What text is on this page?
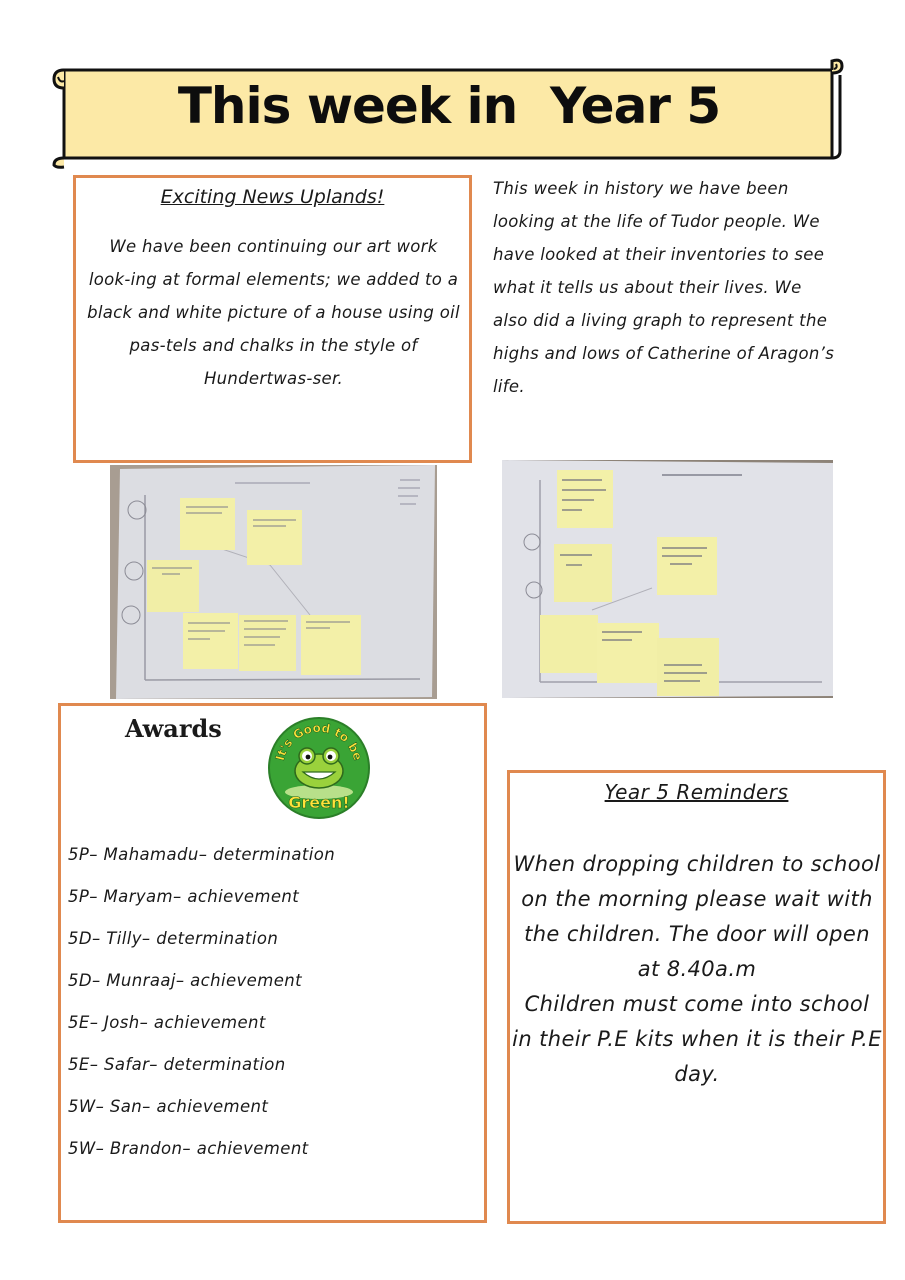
This week in  Year 5
Exciting News Uplands!
We have been continuing our art work look-ing at formal elements; we added to a black and white picture of a house using oil pas-tels and chalks in the style of Hundertwas-ser.
This week in history we have been looking at the life of Tudor people. We have looked at their inventories to see what it tells us about their lives. We also did a living graph to represent the highs and lows of Catherine of Aragon’s life.
Awards
It's Good to be
Green!
5P– Mahamadu– determination
5P– Maryam– achievement
5D– Tilly– determination
5D– Munraaj– achievement
5E– Josh– achievement
5E– Safar– determination
5W– San– achievement
5W– Brandon– achievement
Year 5 Reminders

When dropping children to school on the morning please wait with the children. The door will open at 8.40a.m

Children must come into school in their P.E kits when it is their P.E day.
